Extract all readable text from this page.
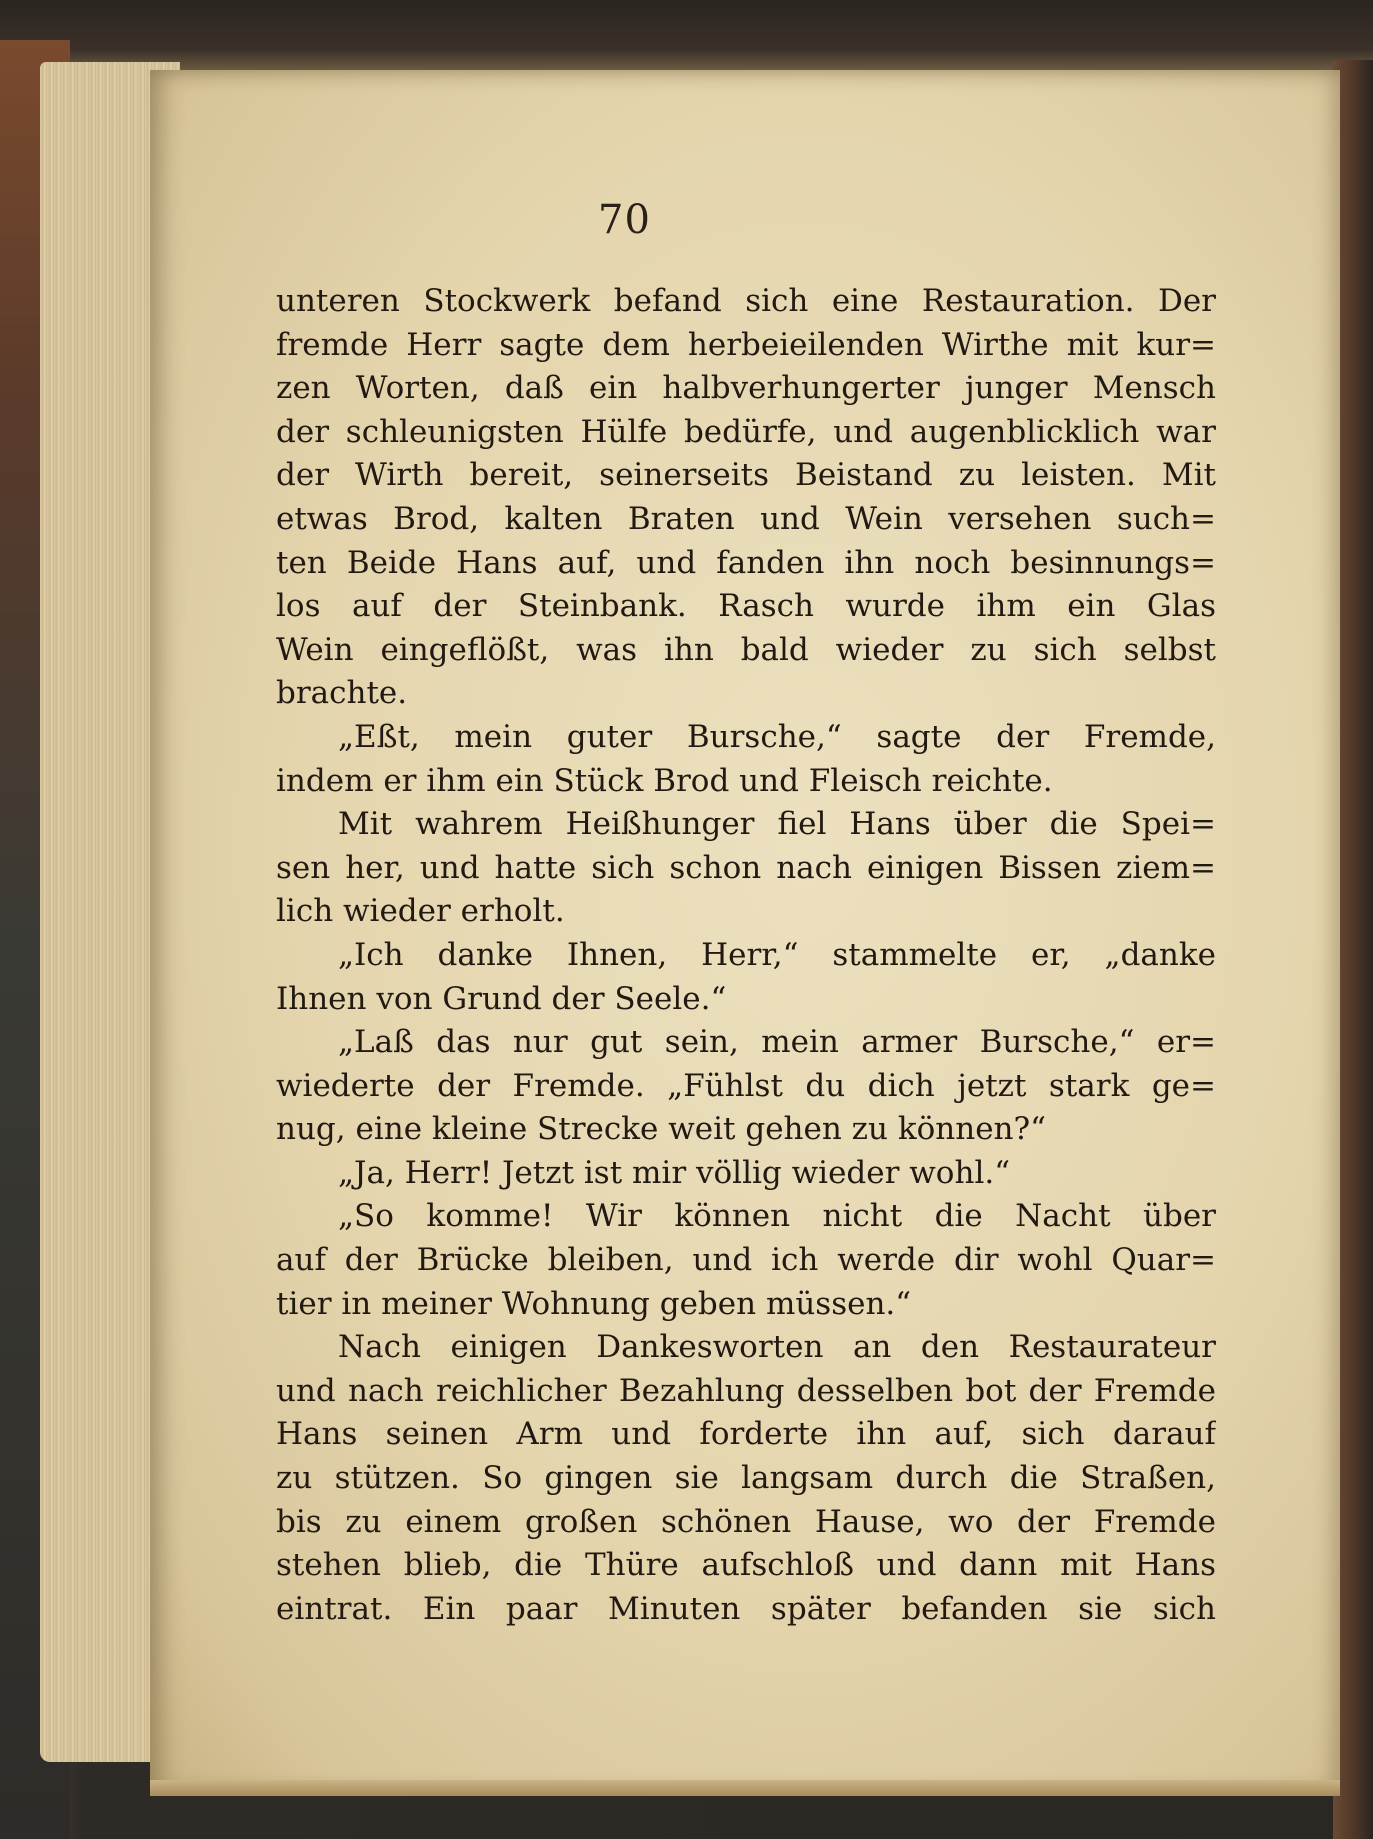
70
unteren Stockwerk befand sich eine Restauration. Der
fremde Herr sagte dem herbeieilenden Wirthe mit kur=
zen Worten, daß ein halbverhungerter junger Mensch
der schleunigsten Hülfe bedürfe, und augenblicklich war
der Wirth bereit, seinerseits Beistand zu leisten. Mit
etwas Brod, kalten Braten und Wein versehen such=
ten Beide Hans auf, und fanden ihn noch besinnungs=
los auf der Steinbank. Rasch wurde ihm ein Glas
Wein eingeflößt, was ihn bald wieder zu sich selbst
brachte.
„Eßt, mein guter Bursche,“ sagte der Fremde,
indem er ihm ein Stück Brod und Fleisch reichte.
Mit wahrem Heißhunger fiel Hans über die Spei=
sen her, und hatte sich schon nach einigen Bissen ziem=
lich wieder erholt.
„Ich danke Ihnen, Herr,“ stammelte er, „danke
Ihnen von Grund der Seele.“
„Laß das nur gut sein, mein armer Bursche,“ er=
wiederte der Fremde. „Fühlst du dich jetzt stark ge=
nug, eine kleine Strecke weit gehen zu können?“
„Ja, Herr! Jetzt ist mir völlig wieder wohl.“
„So komme! Wir können nicht die Nacht über
auf der Brücke bleiben, und ich werde dir wohl Quar=
tier in meiner Wohnung geben müssen.“
Nach einigen Dankesworten an den Restaurateur
und nach reichlicher Bezahlung desselben bot der Fremde
Hans seinen Arm und forderte ihn auf, sich darauf
zu stützen. So gingen sie langsam durch die Straßen,
bis zu einem großen schönen Hause, wo der Fremde
stehen blieb, die Thüre aufschloß und dann mit Hans
eintrat. Ein paar Minuten später befanden sie sich
